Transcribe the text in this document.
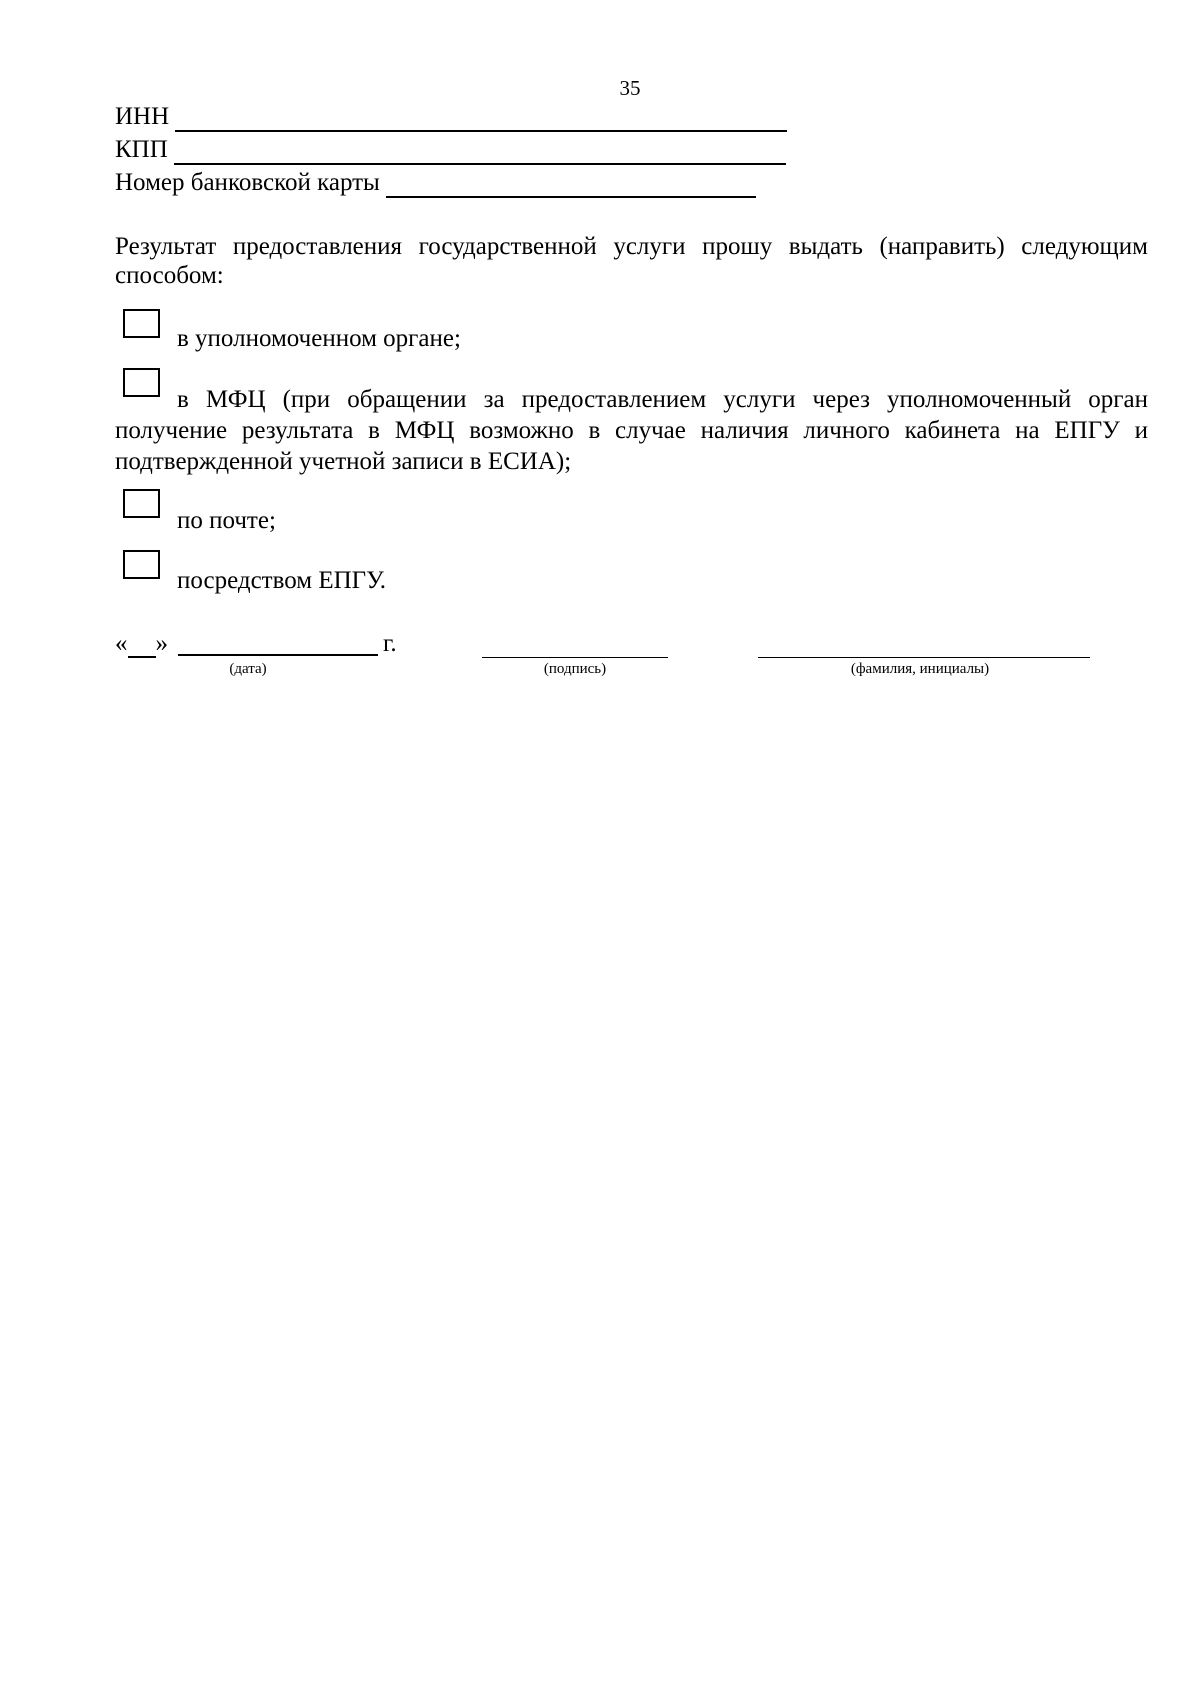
35
ИНН
КПП
Номер банковской карты
Результат предоставления государственной услуги прошу выдать (направить) следующим способом:
в уполномоченном органе;
в МФЦ (при обращении за предоставлением услуги через уполномоченный орган получение результата в МФЦ возможно в случае наличия личного кабинета на ЕПГУ и подтвержденной учетной записи в ЕСИА);
по почте;
посредством ЕПГУ.
« »	г.
(дата)	(подпись)	(фамилия, инициалы)
